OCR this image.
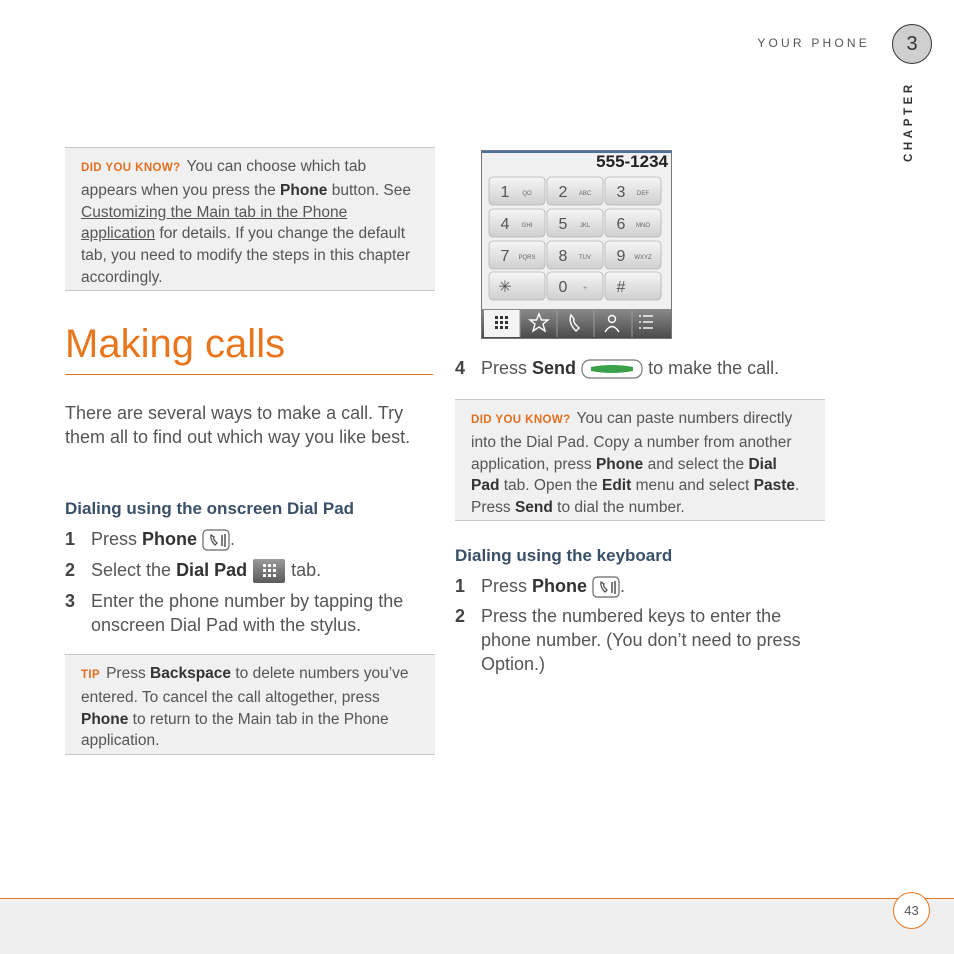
YOUR PHONE	3
CHAPTER
DID YOU KNOW? You can choose which tab appears when you press the Phone button. See Customizing the Main tab in the Phone application for details. If you change the default tab, you need to modify the steps in this chapter accordingly.
Making calls
There are several ways to make a call. Try them all to find out which way you like best.
Dialing using the onscreen Dial Pad
1 Press Phone .
2 Select the Dial Pad  tab.
3 Enter the phone number by tapping the onscreen Dial Pad with the stylus.
TIP Press Backspace to delete numbers you’ve entered. To cancel the call altogether, press Phone to return to the Main tab in the Phone application.
555-1234
1 QO 2 ABC 3 DEF
4 GHI 5 JKL 6 MNO
7 PQRS 8 TUV 9 WXYZ
✳	0	+ #
4 Press Send	to make the call.
DID YOU KNOW? You can paste numbers directly into the Dial Pad. Copy a number from another application, press Phone and select the Dial Pad tab. Open the Edit menu and select Paste. Press Send to dial the number.
Dialing using the keyboard
1 Press Phone .
2 Press the numbered keys to enter the phone number. (You don’t need to press Option.)
43
